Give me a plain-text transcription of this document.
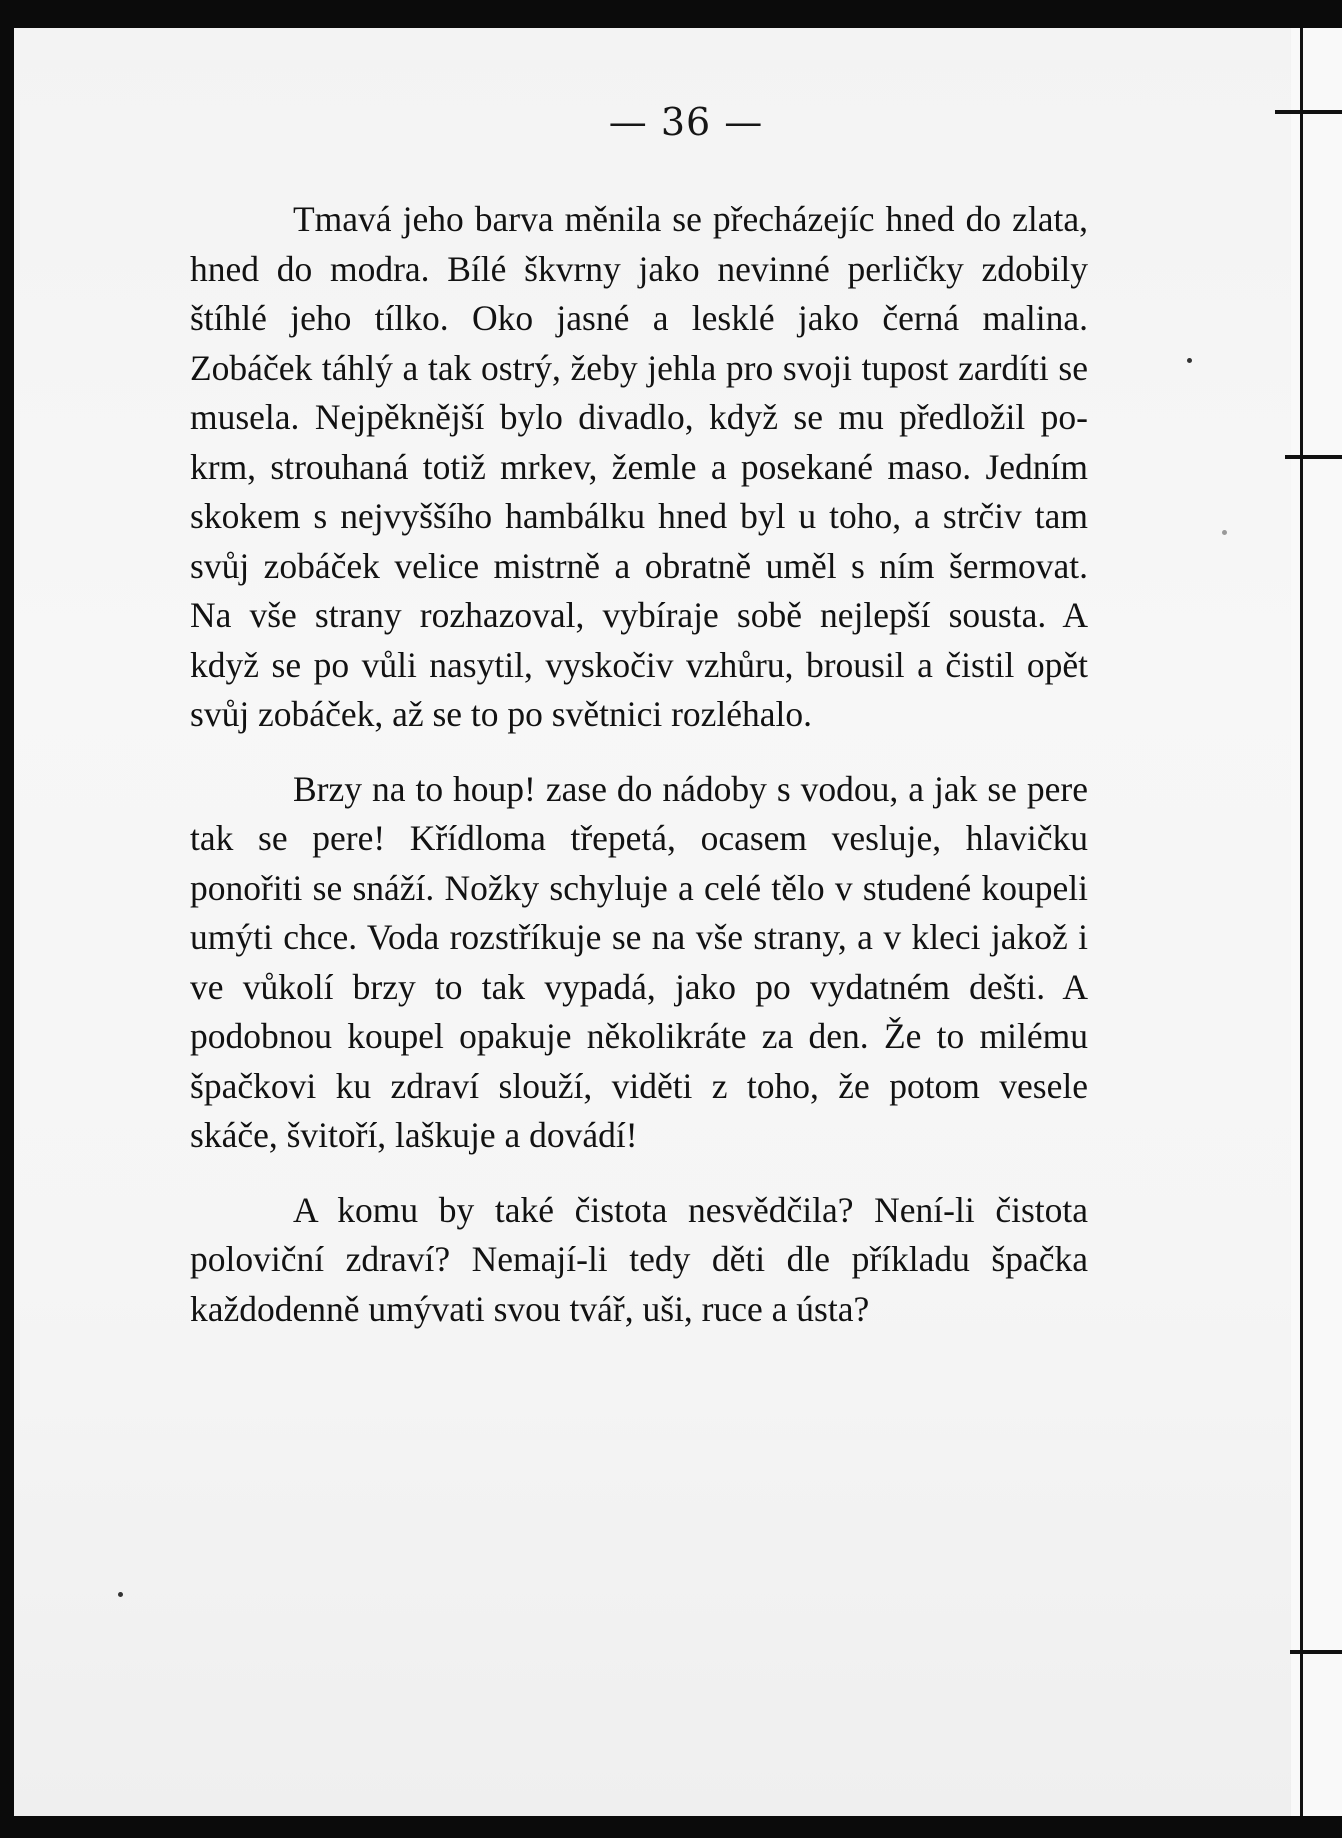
— 36 —

Tmavá jeho barva měnila se přecházejíc hned do zlata, hned do modra. Bílé škvrny jako nevinné perličky zdobily štíhlé jeho tílko. Oko jasné a lesklé jako černá malina. Zobáček táhlý a tak ostrý, žeby jehla pro svoji tupost zardíti se musela. Nejpěknější bylo divadlo, když se mu předložil pokrm, strouhaná totiž mrkev, žemle a posekané maso. Jedním skokem s nejvyššího hambálku hned byl u toho, a strčiv tam svůj zobáček velice mistrně a obratně uměl s ním šermovat. Na vše strany rozhazoval, vybíraje sobě nejlepší sousta. A když se po vůli nasytil, vyskočiv vzhůru, brousil a čistil opět svůj zobáček, až se to po světnici rozléhalo.

Brzy na to houp! zase do nádoby s vodou, a jak se pere tak se pere! Křídloma třepetá, ocasem vesluje, hlavičku ponořiti se snáží. Nožky schyluje a celé tělo v studené koupeli umýti chce. Voda rozstříkuje se na vše strany, a v kleci jakož i ve vůkolí brzy to tak vypadá, jako po vydatném dešti. A podobnou koupel opakuje několikráte za den. Že to milému špačkovi ku zdraví slouží, viděti z toho, že potom vesele skáče, švitoří, laškuje a dovádí!

A komu by také čistota nesvědčila? Není-li čistota poloviční zdraví? Nemají-li tedy děti dle příkladu špačka každodenně umývati svou tvář, uši, ruce a ústa?
